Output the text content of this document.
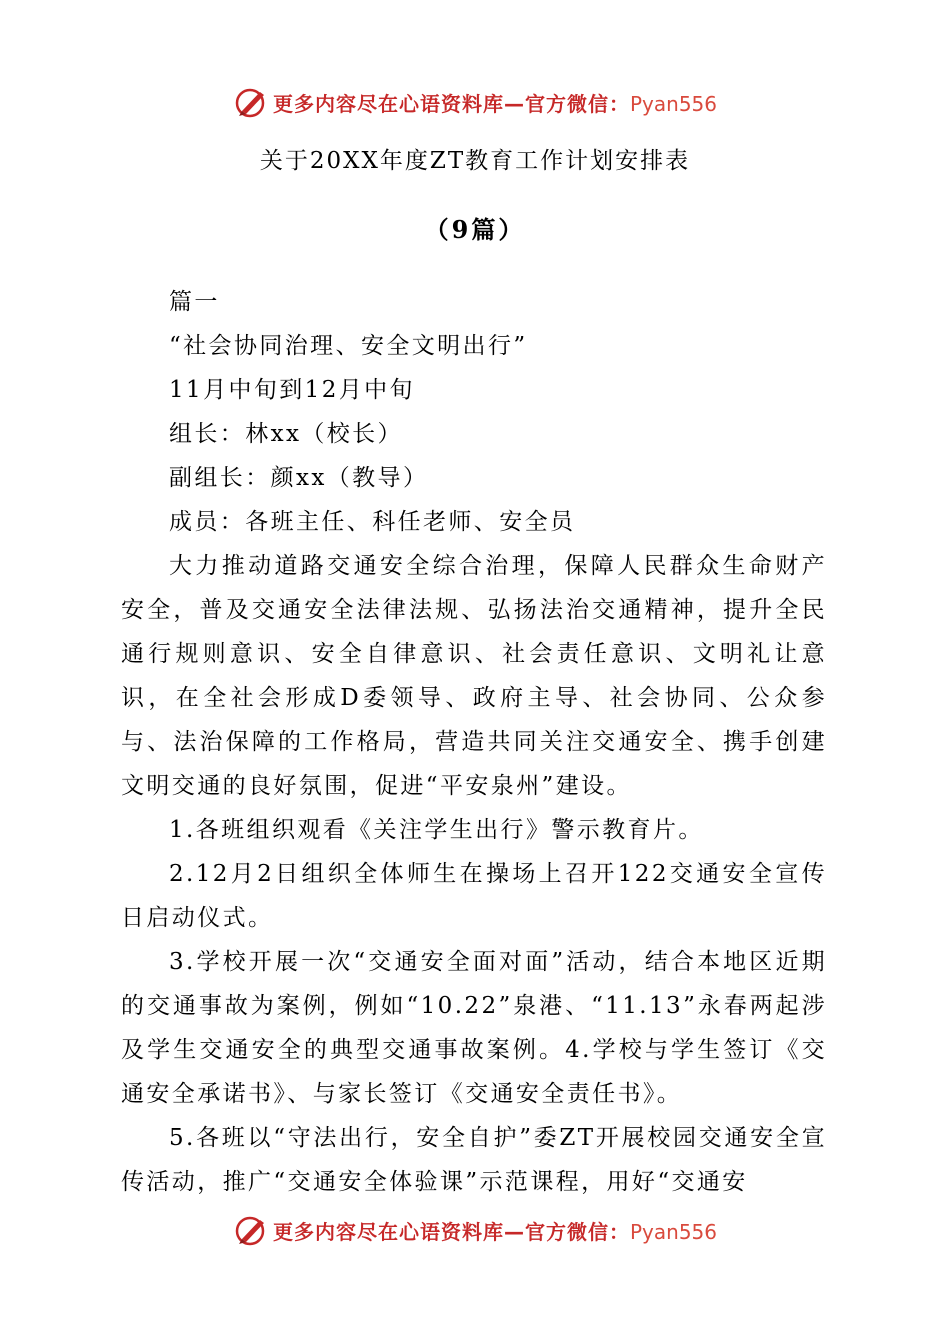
更多内容尽在心语资料库—官方微信：Pyan556
关于20XX年度ZT教育工作计划安排表
（9篇）

篇一

“社会协同治理、安全文明出行”

11月中旬到12月中旬

组长：林xx（校长）

副组长：颜xx（教导）

成员：各班主任、科任老师、安全员

大力推动道路交通安全综合治理，保障人民群众生命财产安全，普及交通安全法律法规、弘扬法治交通精神，提升全民通行规则意识、安全自律意识、社会责任意识、文明礼让意识，在全社会形成D委领导、政府主导、社会协同、公众参与、法治保障的工作格局，营造共同关注交通安全、携手创建文明交通的良好氛围，促进“平安泉州”建设。

1.各班组织观看《关注学生出行》警示教育片。

2.12月2日组织全体师生在操场上召开122交通安全宣传日启动仪式。

3.学校开展一次“交通安全面对面”活动，结合本地区近期的交通事故为案例，例如“10.22”泉港、“11.13”永春两起涉及学生交通安全的典型交通事故案例。4.学校与学生签订《交通安全承诺书》、与家长签订《交通安全责任书》。

5.各班以“守法出行，安全自护”委ZT开展校园交通安全宣传活动，推广“交通安全体验课”示范课程，用好“交通安

更多内容尽在心语资料库—官方微信：Pyan556
